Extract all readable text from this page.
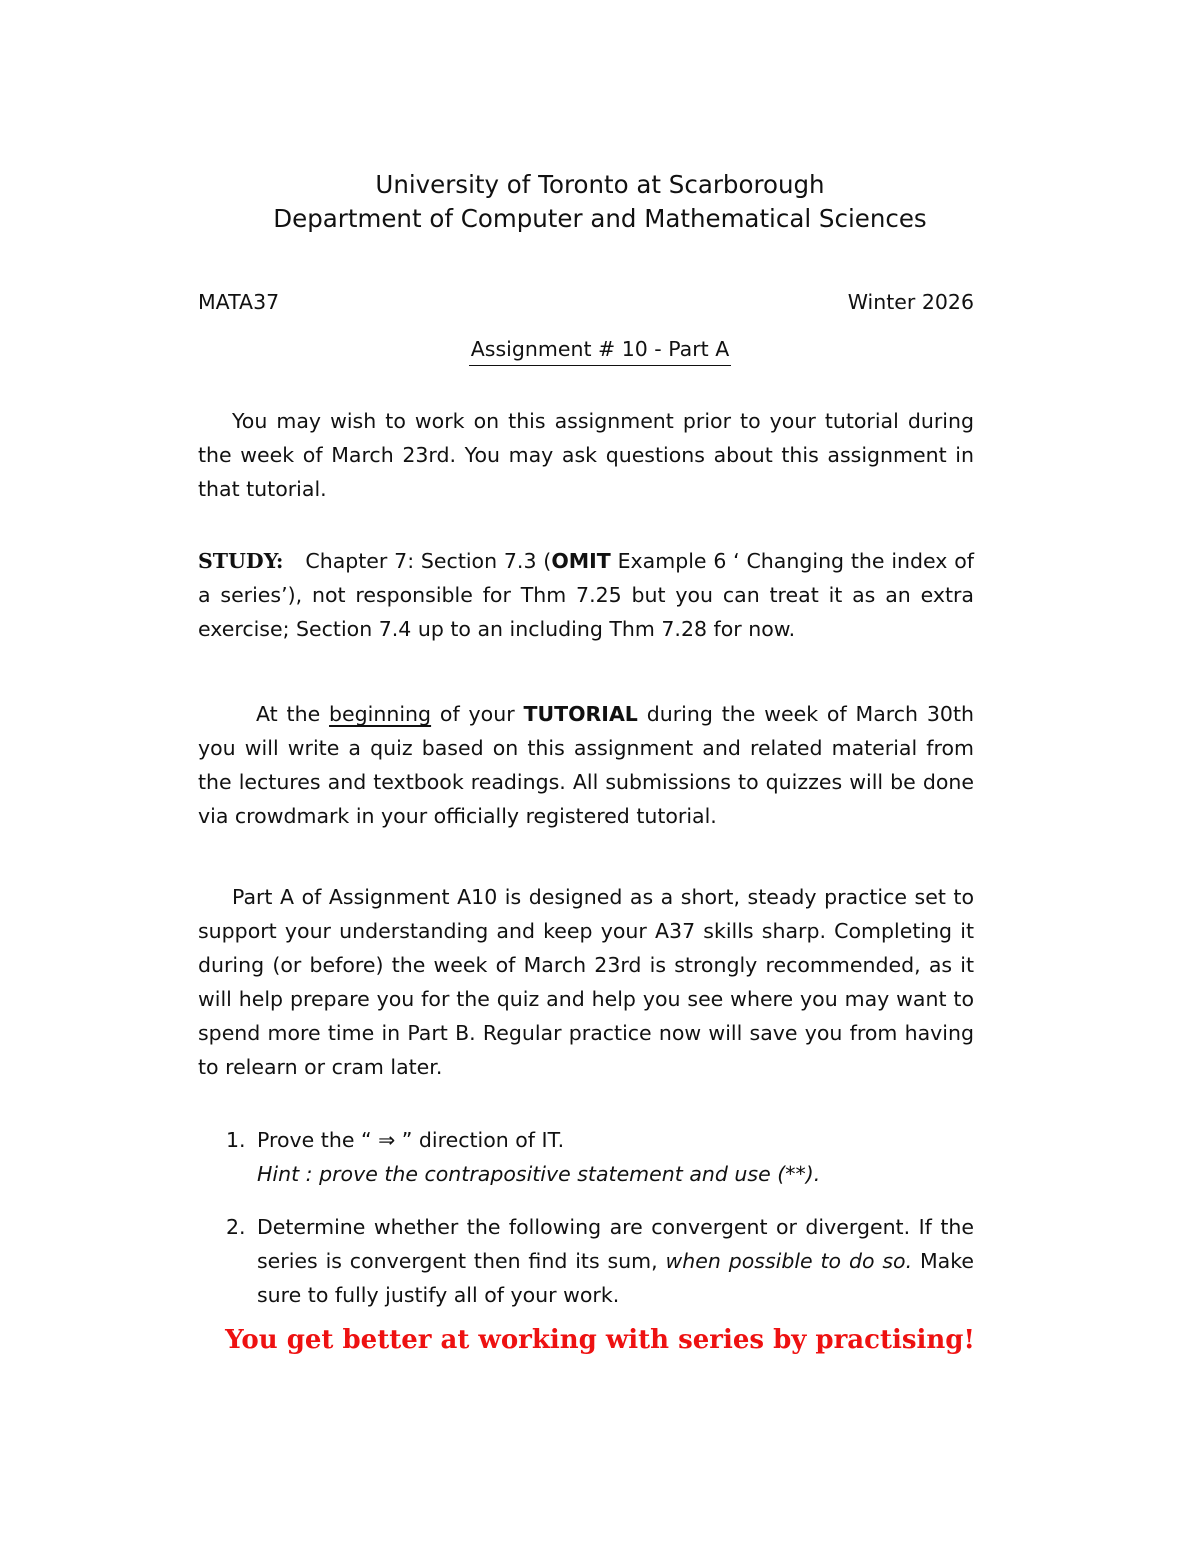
University of Toronto at Scarborough
Department of Computer and Mathematical Sciences
MATA37	Winter 2026
Assignment # 10 - Part A

You may wish to work on this assignment prior to your tutorial during the week of March 23rd. You may ask questions about this assignment in that tutorial.

STUDY: Chapter 7: Section 7.3 (OMIT Example 6 ‘ Changing the index of a series’), not responsible for Thm 7.25 but you can treat it as an extra exercise; Section 7.4 up to an including Thm 7.28 for now.

At the beginning of your TUTORIAL during the week of March 30th you will write a quiz based on this assignment and related material from the lectures and textbook readings. All submissions to quizzes will be done via crowdmark in your officially registered tutorial.

Part A of Assignment A10 is designed as a short, steady practice set to support your understanding and keep your A37 skills sharp. Completing it during (or before) the week of March 23rd is strongly recommended, as it will help prepare you for the quiz and help you see where you may want to spend more time in Part B. Regular practice now will save you from having to relearn or cram later.

1. Prove the “ ⇒ ” direction of IT.
Hint : prove the contrapositive statement and use (**).
2. Determine whether the following are convergent or divergent. If the series is convergent then find its sum, when possible to do so. Make sure to fully justify all of your work.
You get better at working with series by practising!
